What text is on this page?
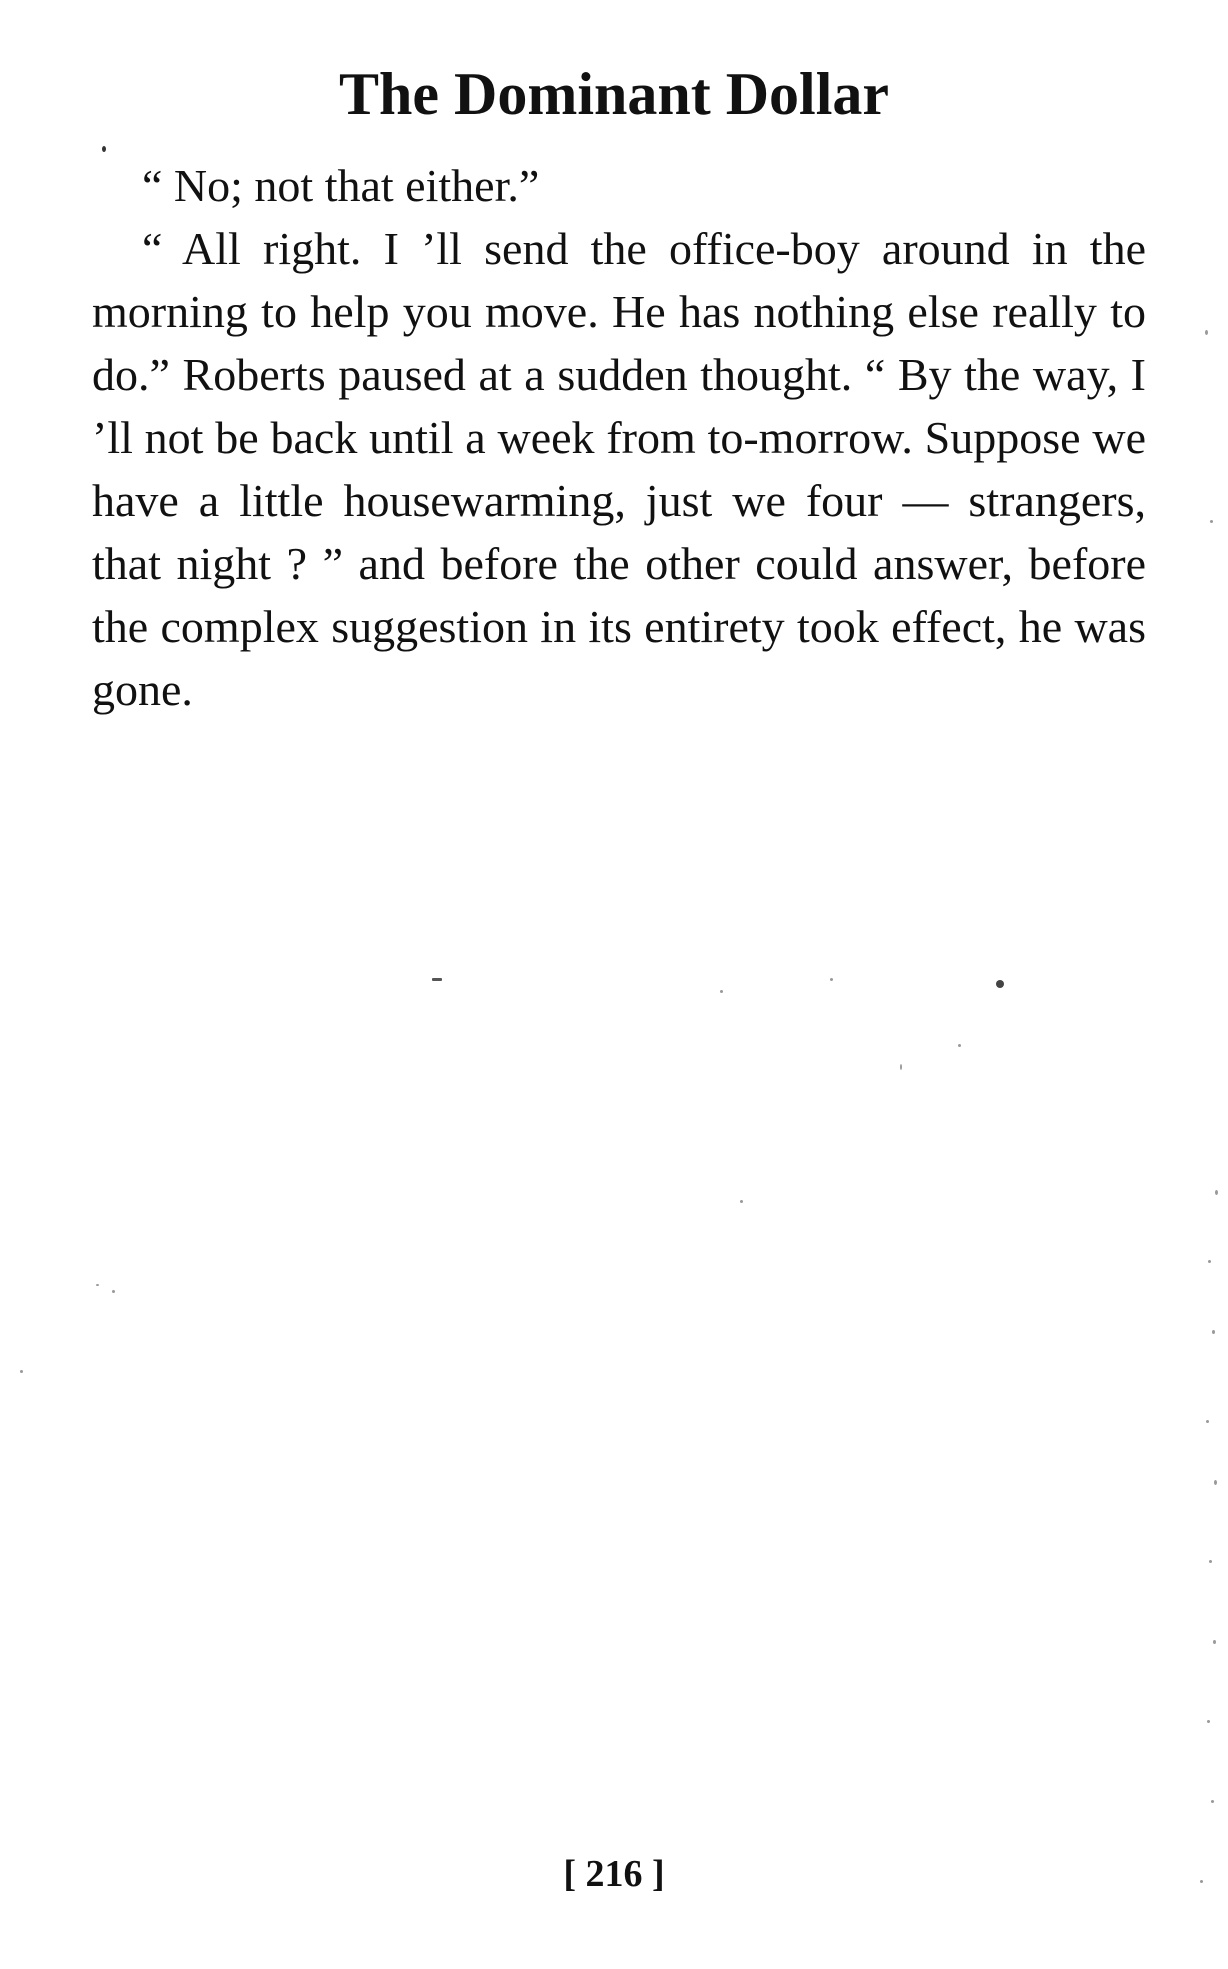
The Dominant Dollar

“ No; not that either.”

“ All right. I ’ll send the office-boy around in the morning to help you move. He has nothing else really to do.” Roberts paused at a sudden thought. “ By the way, I ’ll not be back until a week from to-morrow. Suppose we have a little housewarming, just we four — strangers, that night ? ” and before the other could answer, before the complex suggestion in its entirety took effect, he was gone.

[ 216 ]
